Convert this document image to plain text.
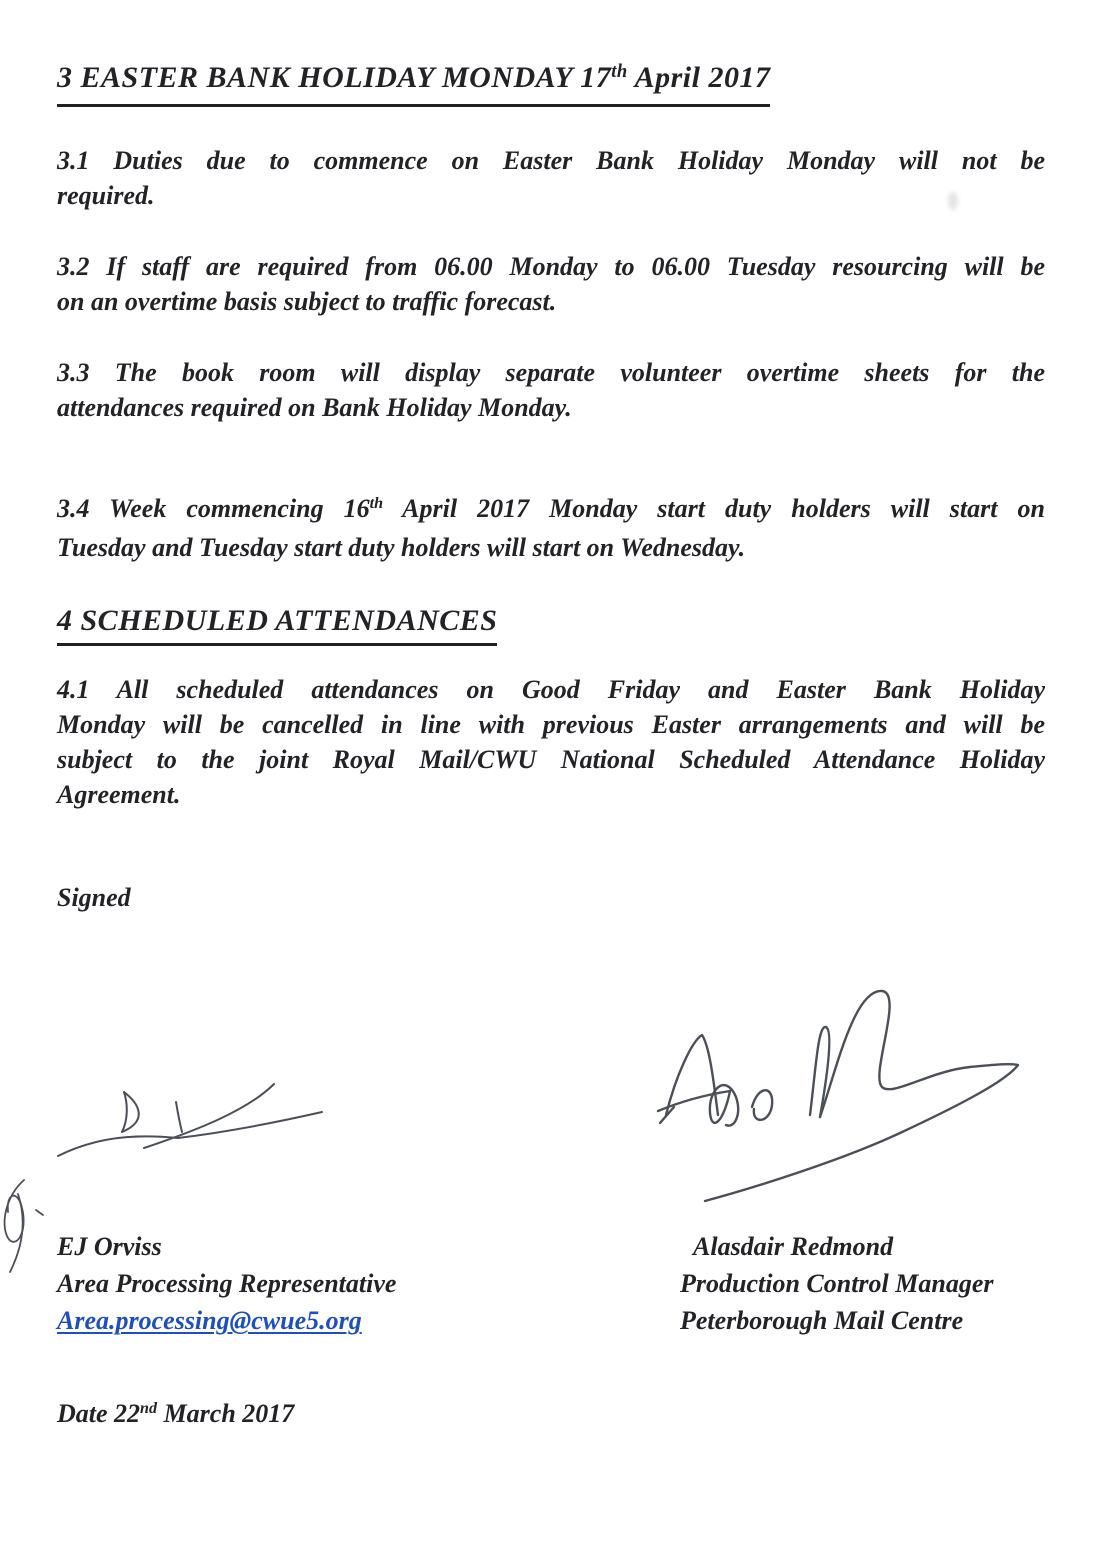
3 EASTER BANK HOLIDAY MONDAY 17th April 2017

3.1 Duties due to commence on Easter Bank Holiday Monday will not be
required.

3.2 If staff are required from 06.00 Monday to 06.00 Tuesday resourcing will be
on an overtime basis subject to traffic forecast.

3.3 The book room will display separate volunteer overtime sheets for the
attendances required on Bank Holiday Monday.

3.4 Week commencing 16th April 2017 Monday start duty holders will start on
Tuesday and Tuesday start duty holders will start on Wednesday.

4 SCHEDULED ATTENDANCES

4.1 All scheduled attendances on Good Friday and Easter Bank Holiday
Monday will be cancelled in line with previous Easter arrangements and will be
subject to the joint Royal Mail/CWU National Scheduled Attendance Holiday
Agreement.

Signed

EJ Orviss
Area Processing Representative
Area.processing@cwue5.org
Alasdair Redmond
Production Control Manager
Peterborough Mail Centre

Date 22nd March 2017
